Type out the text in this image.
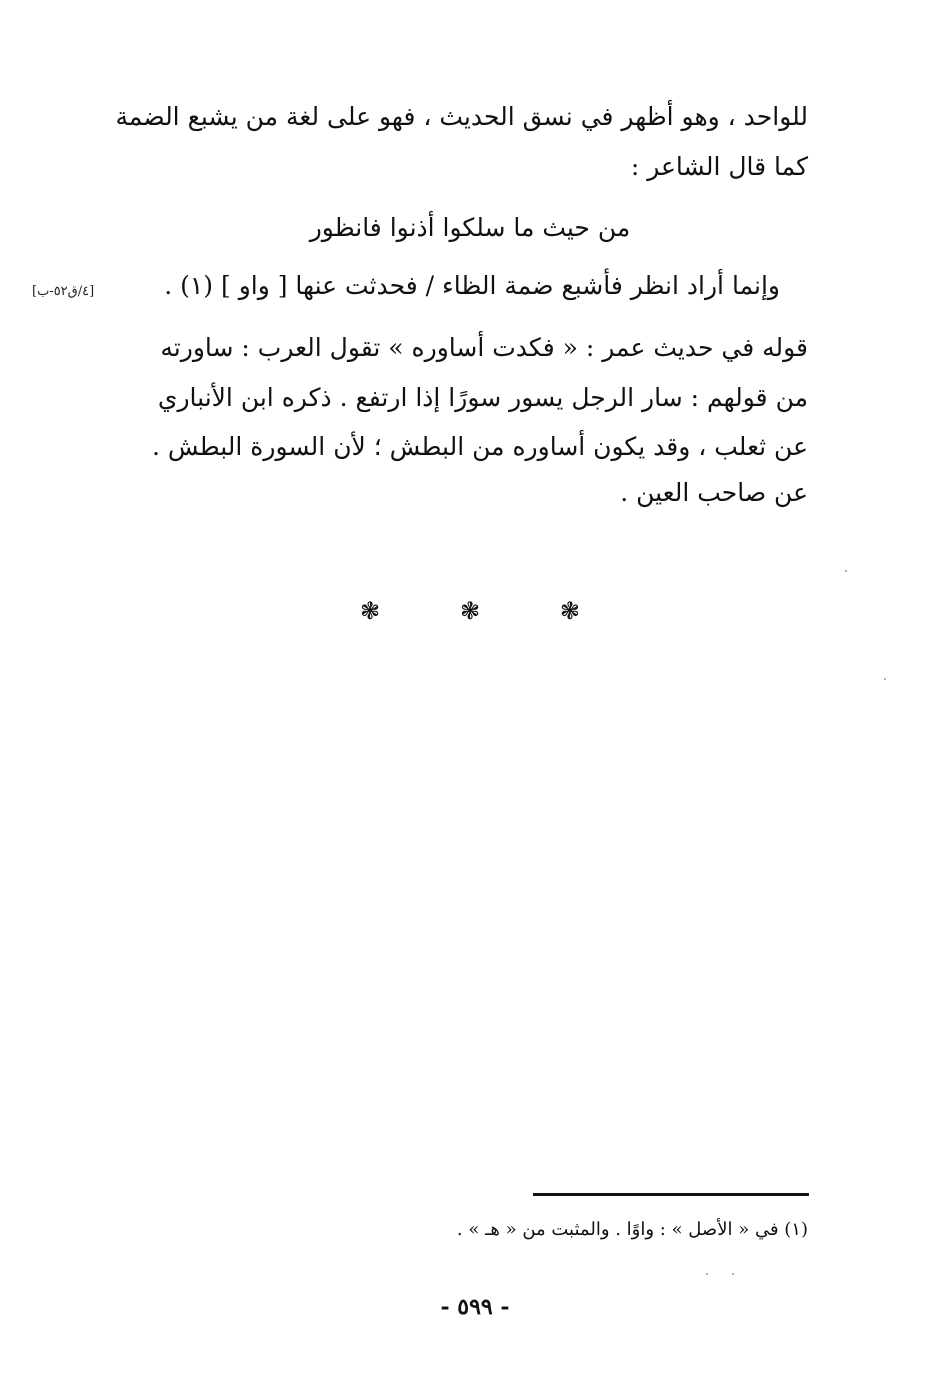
للواحد ، وهو أظهر في نسق الحديث ، فهو على لغة من يشبع الضمة
كما قال الشاعر :
من حيث ما سلكوا أذنوا فانظور
وإنما أراد انظر فأشبع ضمة الظاء / فحدثت عنها [ واو ] (١) .
[٤/ق٥٢-ب]
قوله في حديث عمر : « فكدت أساوره » تقول العرب : ساورته
من قولهم : سار الرجل يسور سورًا إذا ارتفع . ذكره ابن الأنباري
عن ثعلب ، وقد يكون أساوره من البطش ؛ لأن السورة البطش .
عن صاحب العين .
❃	❃	❃
(١) في « الأصل » : واوًا . والمثبت من « هـ » .
- ٥٩٩ -
